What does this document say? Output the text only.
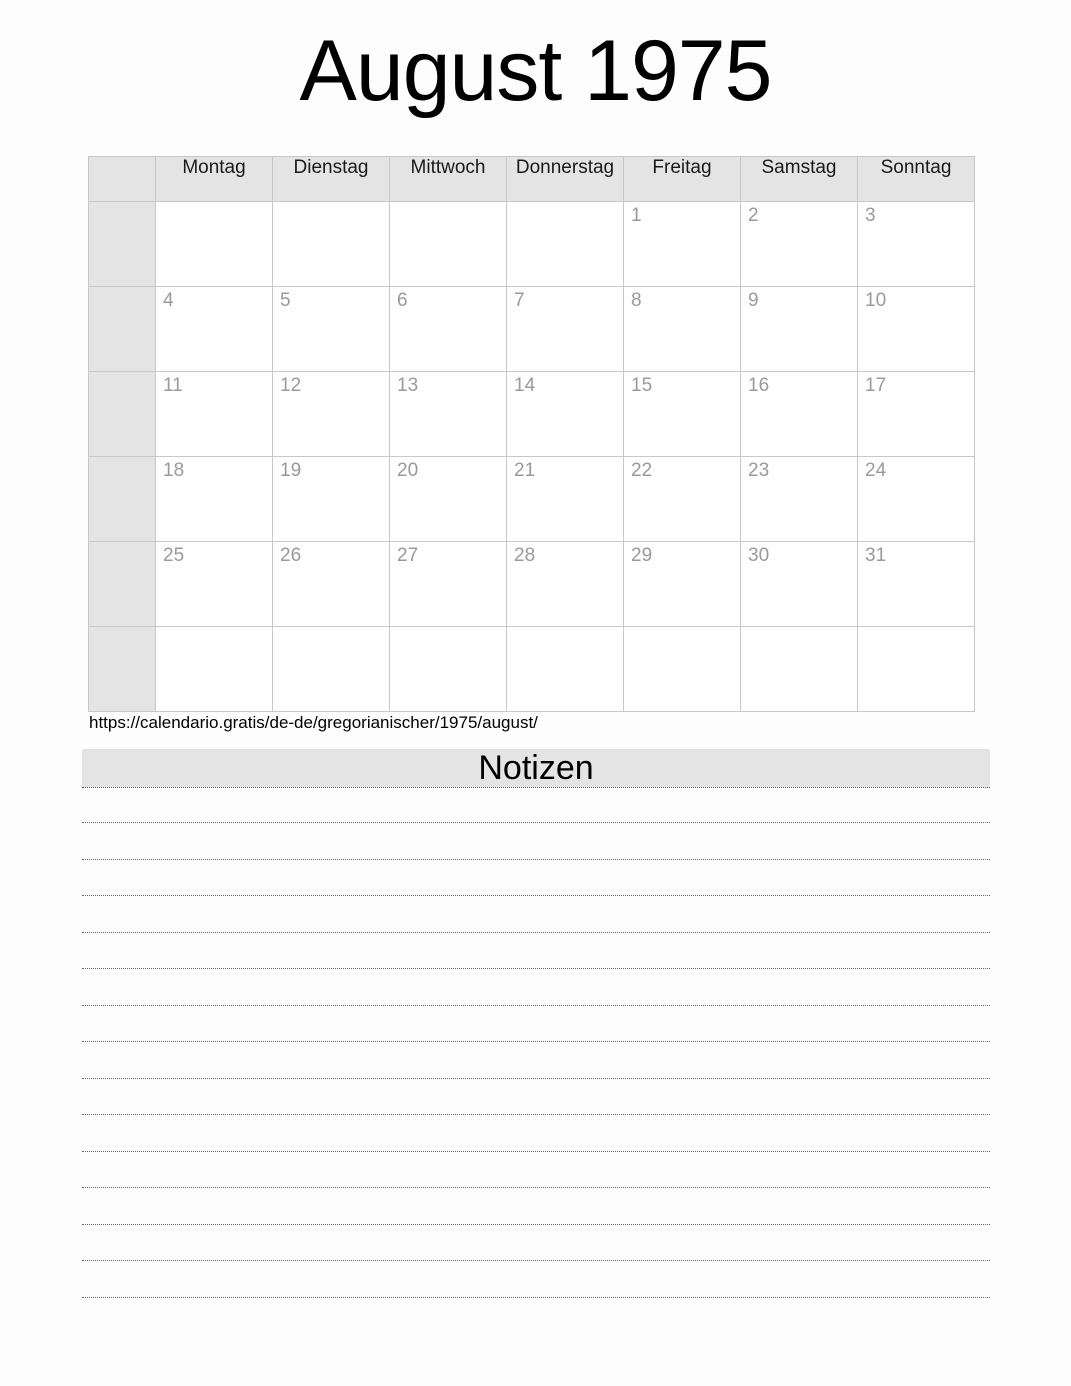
August 1975
	Montag	Dienstag	Mittwoch	Donnerstag	Freitag	Samstag	Sonntag

					1	2	3

	4	5	6	7	8	9	10

	11	12	13	14	15	16	17

	18	19	20	21	22	23	24

	25	26	27	28	29	30	31

https://calendario.gratis/de-de/gregorianischer/1975/august/
Notizen
